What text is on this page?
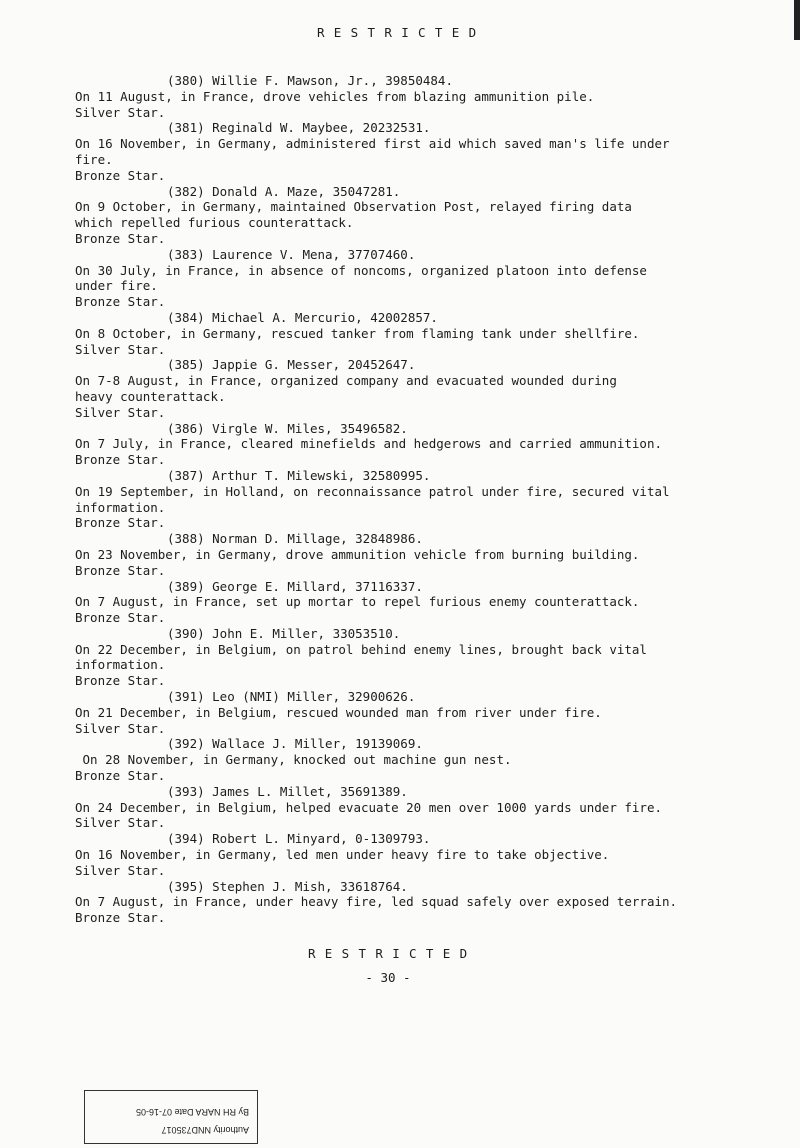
R E S T R I C T E D
(380) Willie F. Mawson, Jr., 39850484.
On 11 August, in France, drove vehicles from blazing ammunition pile.
Silver Star.
(381) Reginald W. Maybee, 20232531.
On 16 November, in Germany, administered first aid which saved man's life under
fire.
Bronze Star.
(382) Donald A. Maze, 35047281.
On 9 October, in Germany, maintained Observation Post, relayed firing data
which repelled furious counterattack.
Bronze Star.
(383) Laurence V. Mena, 37707460.
On 30 July, in France, in absence of noncoms, organized platoon into defense
under fire.
Bronze Star.
(384) Michael A. Mercurio, 42002857.
On 8 October, in Germany, rescued tanker from flaming tank under shellfire.
Silver Star.
(385) Jappie G. Messer, 20452647.
On 7-8 August, in France, organized company and evacuated wounded during
heavy counterattack.
Silver Star.
(386) Virgle W. Miles, 35496582.
On 7 July, in France, cleared minefields and hedgerows and carried ammunition.
Bronze Star.
(387) Arthur T. Milewski, 32580995.
On 19 September, in Holland, on reconnaissance patrol under fire, secured vital
information.
Bronze Star.
(388) Norman D. Millage, 32848986.
On 23 November, in Germany, drove ammunition vehicle from burning building.
Bronze Star.
(389) George E. Millard, 37116337.
On 7 August, in France, set up mortar to repel furious enemy counterattack.
Bronze Star.
(390) John E. Miller, 33053510.
On 22 December, in Belgium, on patrol behind enemy lines, brought back vital
information.
Bronze Star.
(391) Leo (NMI) Miller, 32900626.
On 21 December, in Belgium, rescued wounded man from river under fire.
Silver Star.
(392) Wallace J. Miller, 19139069.
On 28 November, in Germany, knocked out machine gun nest.
Bronze Star.
(393) James L. Millet, 35691389.
On 24 December, in Belgium, helped evacuate 20 men over 1000 yards under fire.
Silver Star.
(394) Robert L. Minyard, 0-1309793.
On 16 November, in Germany, led men under heavy fire to take objective.
Silver Star.
(395) Stephen J. Mish, 33618764.
On 7 August, in France, under heavy fire, led squad safely over exposed terrain.
Bronze Star.
R E S T R I C T E D
- 30 -
Authority NND735017
By RH NARA Date 07-16-05
